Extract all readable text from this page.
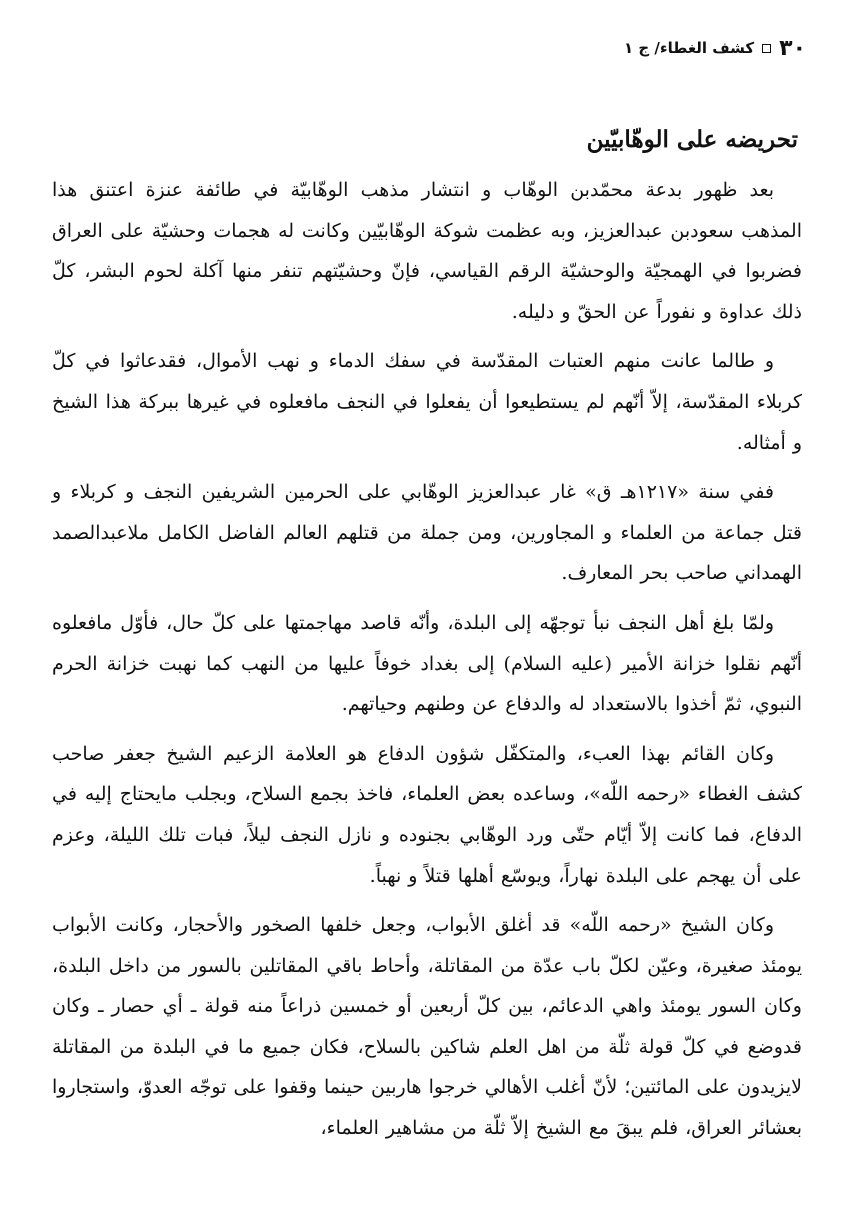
٣٠
كشف الغطاء/ ج ١
تحريضه على الوهّابيّين

بعد ظهور بدعة محمّدبن الوهّاب و انتشار مذهب الوهّابيّة في طائفة عنزة اعتنق هذا المذهب سعودبن عبدالعزيز، وبه عظمت شوكة الوهّابيّين وكانت له هجمات وحشيّة على العراق فضربوا في الهمجيّة والوحشيّة الرقم القياسي، فإنّ وحشيّتهم تنفر منها آكلة لحوم البشر، كلّ ذلك عداوة و نفوراً عن الحقّ و دليله.

و طالما عانت منهم العتبات المقدّسة في سفك الدماء و نهب الأموال، فقدعاثوا في كلّ كربلاء المقدّسة، إلاّ أنّهم لم يستطيعوا أن يفعلوا في النجف مافعلوه في غيرها ببركة هذا الشيخ و أمثاله.

ففي سنة «١٢١٧هـ ق» غار عبدالعزيز الوهّابي على الحرمين الشريفين النجف و كربلاء و قتل جماعة من العلماء و المجاورين، ومن جملة من قتلهم العالم الفاضل الكامل ملاعبدالصمد الهمداني صاحب بحر المعارف.

ولمّا بلغ أهل النجف نبأ توجهّه إلى البلدة، وأنّه قاصد مهاجمتها على كلّ حال، فأوّل مافعلوه أنّهم نقلوا خزانة الأمير (عليه السلام) إلى بغداد خوفاً عليها من النهب كما نهبت خزانة الحرم النبوي، ثمّ أخذوا بالاستعداد له والدفاع عن وطنهم وحياتهم.

وكان القائم بهذا العبء، والمتكفّل شؤون الدفاع هو العلامة الزعيم الشيخ جعفر صاحب كشف الغطاء «رحمه اللّه»، وساعده بعض العلماء، فاخذ بجمع السلاح، وبجلب مايحتاج إليه في الدفاع، فما كانت إلاّ أيّام حتّى ورد الوهّابي بجنوده و نازل النجف ليلاً، فبات تلك الليلة، وعزم على أن يهجم على البلدة نهاراً، ويوسّع أهلها قتلاً و نهباً.

وكان الشيخ «رحمه اللّه» قد أغلق الأبواب، وجعل خلفها الصخور والأحجار، وكانت الأبواب يومئذ صغيرة، وعيّن لكلّ باب عدّة من المقاتلة، وأحاط باقي المقاتلين بالسور من داخل البلدة، وكان السور يومئذ واهي الدعائم، بين كلّ أربعين أو خمسين ذراعاً منه قولة ـ أي حصار ـ وكان قدوضع في كلّ قولة ثلّة من اهل العلم شاكين بالسلاح، فكان جميع ما في البلدة من المقاتلة لايزيدون على المائتين؛ لأنّ أغلب الأهالي خرجوا هاربين حينما وقفوا على توجّه العدوّ، واستجاروا بعشائر العراق، فلم يبقَ مع الشيخ إلاّ ثلّة من مشاهير العلماء،
